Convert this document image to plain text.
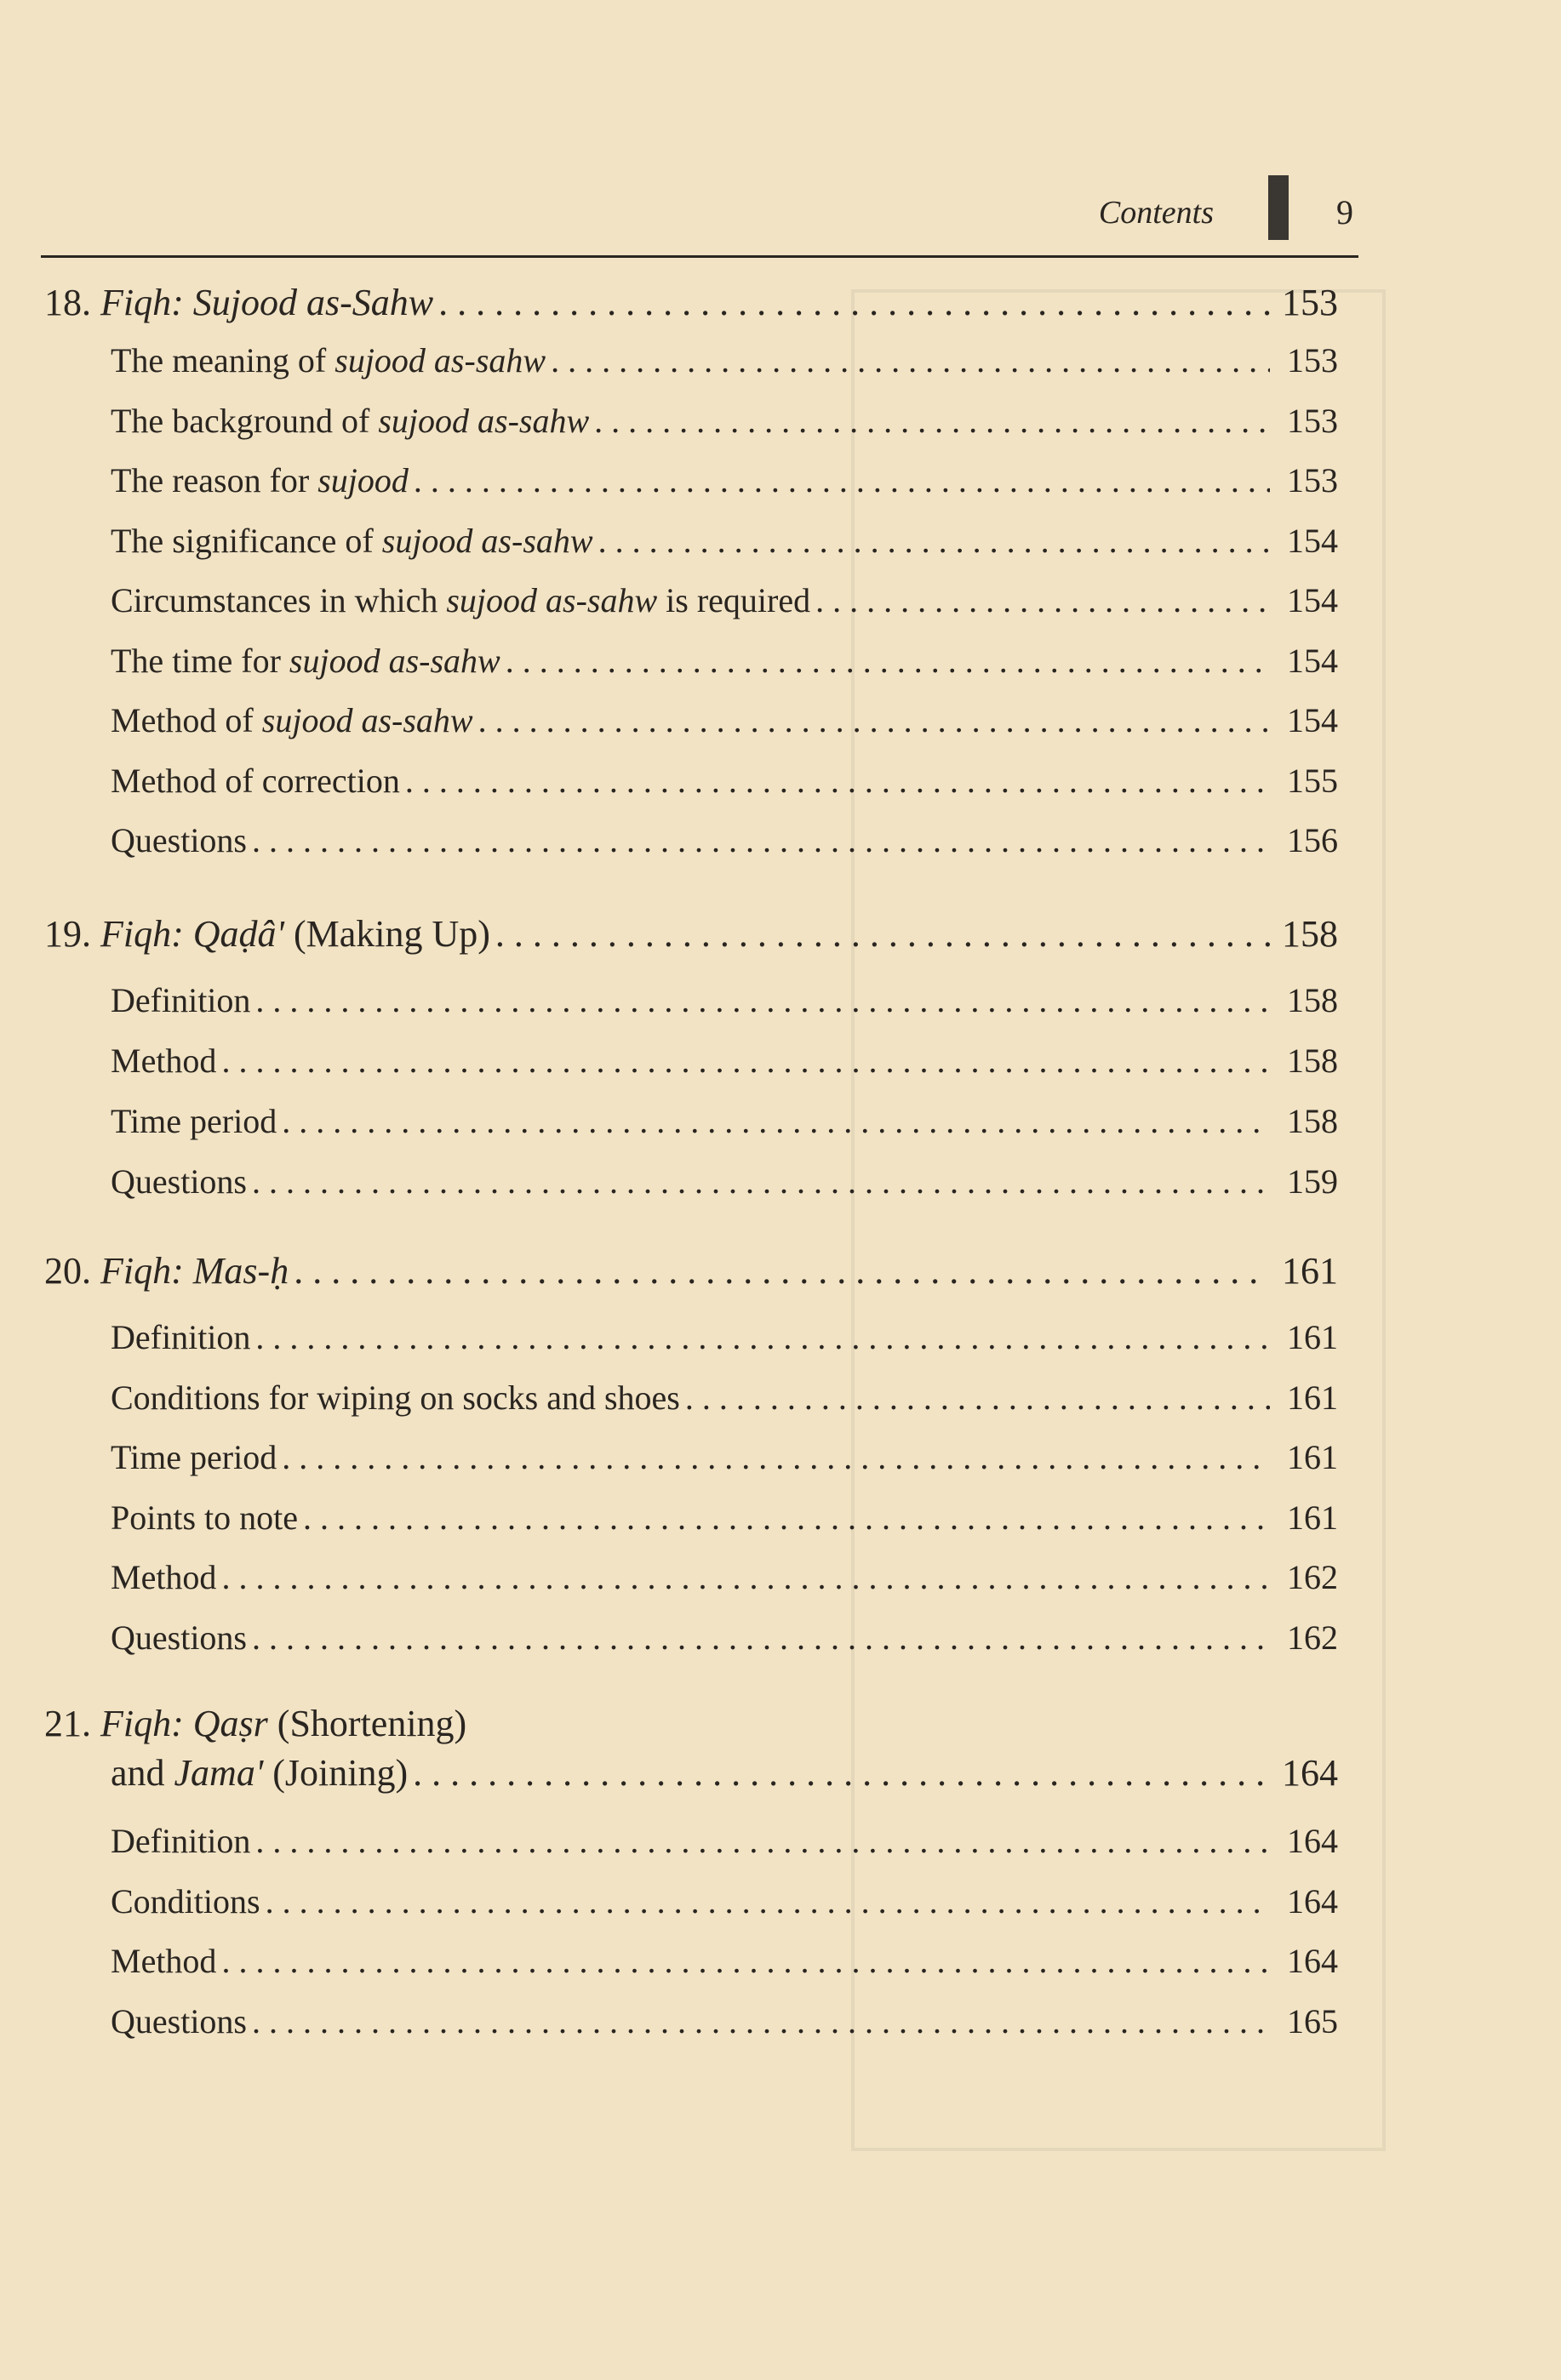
Contents	9
18. Fiqh: Sujood as-Sahw . . .	153
The meaning of sujood as-sahw . . .	153
The background of sujood as-sahw . . .	153
The reason for sujood . . .	153
The significance of sujood as-sahw . . .	154
Circumstances in which sujood as-sahw is required . . .	154
The time for sujood as-sahw . . .	154
Method of sujood as-sahw . . .	154
Method of correction . . .	155
Questions . . .	156
19. Fiqh: Qaḍâ' (Making Up) . . .	158
Definition . . .	158
Method . . .	158
Time period . . .	158
Questions . . .	159
20. Fiqh: Mas-ḥ . . .	161
Definition . . .	161
Conditions for wiping on socks and shoes . . .	161
Time period . . .	161
Points to note . . .	161
Method . . .	162
Questions . . .	162
21. Fiqh: Qaṣr (Shortening)
and Jama' (Joining) . . .	164
Definition . . .	164
Conditions . . .	164
Method . . .	164
Questions . . .	165
